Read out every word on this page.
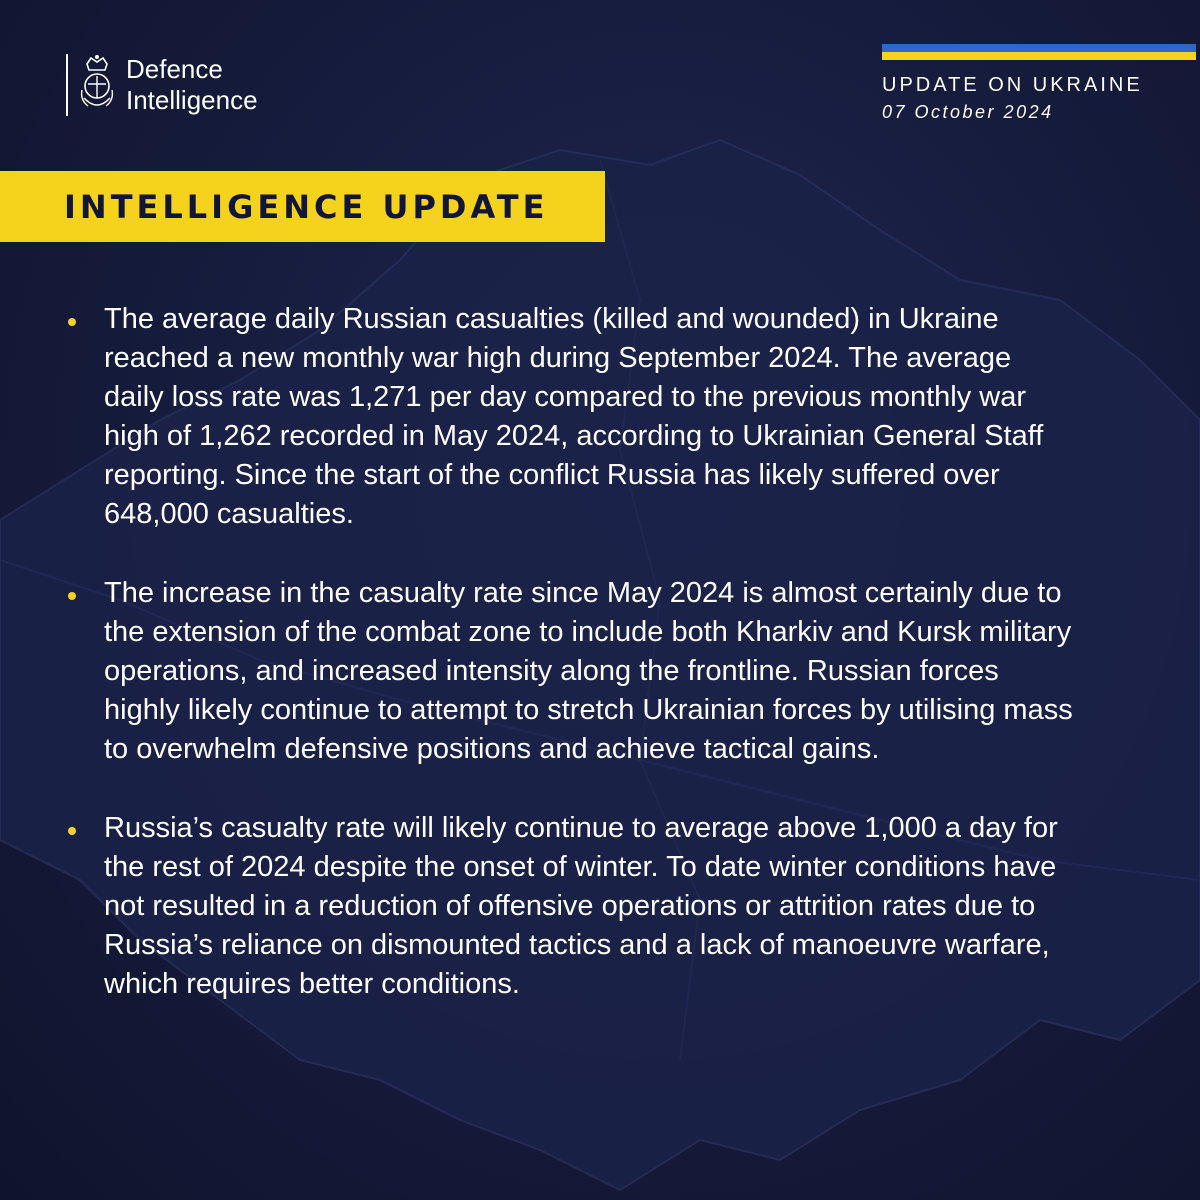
Defence
Intelligence	UPDATE ON UKRAINE
07 October 2024
INTELLIGENCE UPDATE
The average daily Russian casualties (killed and wounded) in Ukraine reached a new monthly war high during September 2024. The average daily loss rate was 1,271 per day compared to the previous monthly war high of 1,262 recorded in May 2024, according to Ukrainian General Staff reporting. Since the start of the conflict Russia has likely suffered over 648,000 casualties.
The increase in the casualty rate since May 2024 is almost certainly due to the extension of the combat zone to include both Kharkiv and Kursk military operations, and increased intensity along the frontline. Russian forces highly likely continue to attempt to stretch Ukrainian forces by utilising mass to overwhelm defensive positions and achieve tactical gains.
Russia’s casualty rate will likely continue to average above 1,000 a day for the rest of 2024 despite the onset of winter. To date winter conditions have not resulted in a reduction of offensive operations or attrition rates due to Russia’s reliance on dismounted tactics and a lack of manoeuvre warfare, which requires better conditions.
